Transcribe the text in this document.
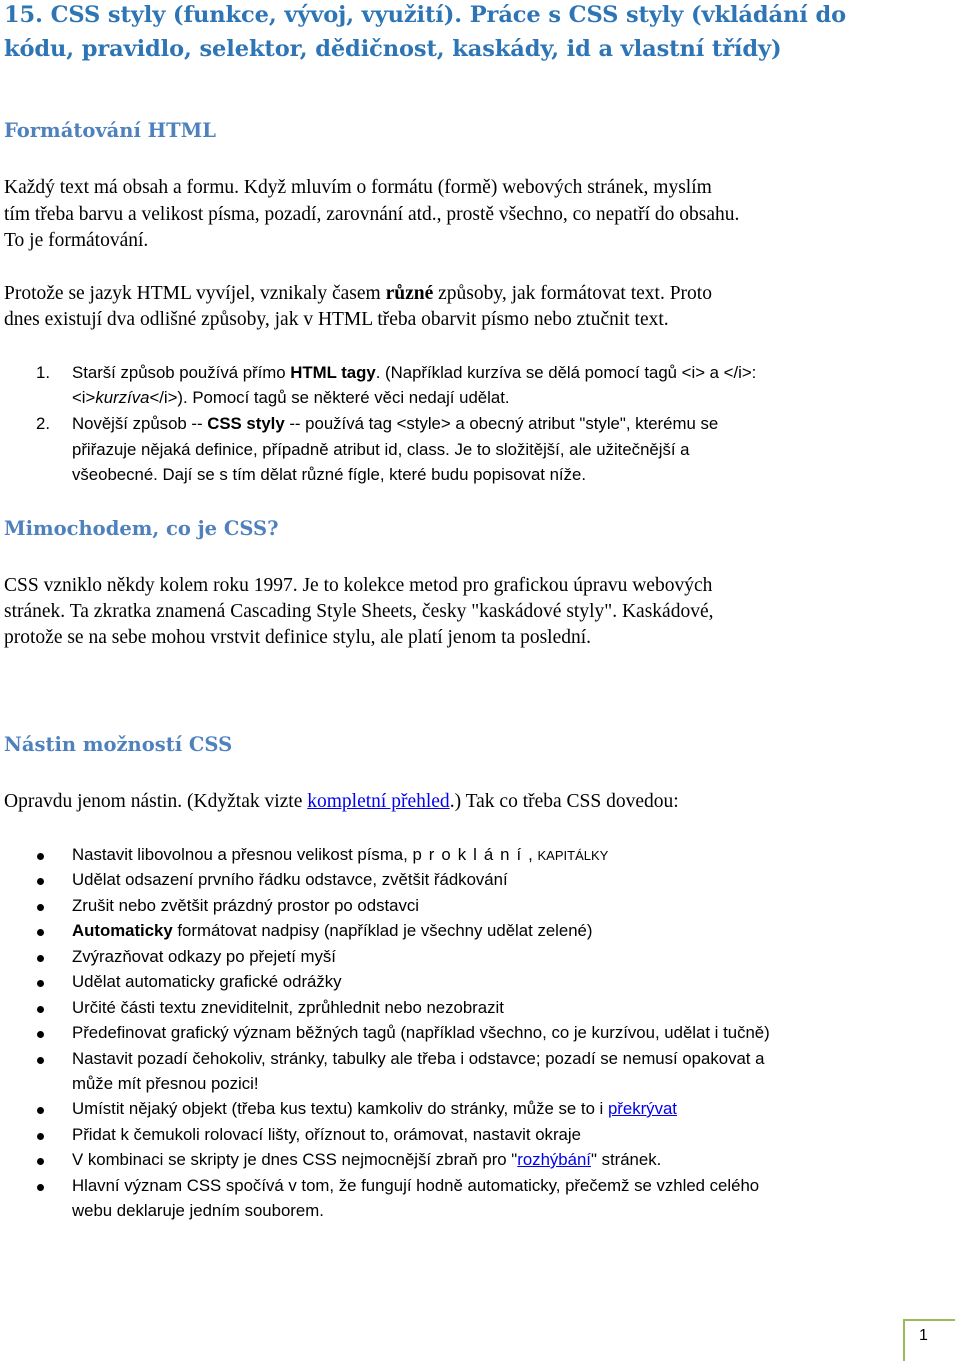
15. CSS styly (funkce, vývoj, využití). Práce s CSS styly (vkládání do
kódu, pravidlo, selektor, dědičnost, kaskády, id a vlastní třídy)
Formátování HTML
Každý text má obsah a formu. Když mluvím o formátu (formě) webových stránek, myslím
tím třeba barvu a velikost písma, pozadí, zarovnání atd., prostě všechno, co nepatří do obsahu.
To je formátování.
Protože se jazyk HTML vyvíjel, vznikaly časem různé způsoby, jak formátovat text. Proto
dnes existují dva odlišné způsoby, jak v HTML třeba obarvit písmo nebo ztučnit text.
1. Starší způsob používá přímo HTML tagy. (Například kurzíva se dělá pomocí tagů <i> a </i>:
<i>kurzíva</i>). Pomocí tagů se některé věci nedají udělat.
2. Novější způsob -- CSS styly -- používá tag <style> a obecný atribut "style", kterému se
přiřazuje nějaká definice, případně atribut id, class. Je to složitější, ale užitečnější a
všeobecné. Dají se s tím dělat různé fígle, které budu popisovat níže.
Mimochodem, co je CSS?
CSS vzniklo někdy kolem roku 1997. Je to kolekce metod pro grafickou úpravu webových
stránek. Ta zkratka znamená Cascading Style Sheets, česky "kaskádové styly". Kaskádové,
protože se na sebe mohou vrstvit definice stylu, ale platí jenom ta poslední.
Nástin možností CSS
Opravdu jenom nástin. (Kdyžtak vizte kompletní přehled.) Tak co třeba CSS dovedou:
Nastavit libovolnou a přesnou velikost písma, proklání, KAPITÁLKY
Udělat odsazení prvního řádku odstavce, zvětšit řádkování
Zrušit nebo zvětšit prázdný prostor po odstavci
Automaticky formátovat nadpisy (například je všechny udělat zelené)
Zvýrazňovat odkazy po přejetí myší
Udělat automaticky grafické odrážky
Určité části textu zneviditelnit, zprůhlednit nebo nezobrazit
Předefinovat grafický význam běžných tagů (například všechno, co je kurzívou, udělat i tučně)
Nastavit pozadí čehokoliv, stránky, tabulky ale třeba i odstavce; pozadí se nemusí opakovat a
může mít přesnou pozici!
Umístit nějaký objekt (třeba kus textu) kamkoliv do stránky, může se to i překrývat
Přidat k čemukoli rolovací lišty, oříznout to, orámovat, nastavit okraje
V kombinaci se skripty je dnes CSS nejmocnější zbraň pro "rozhýbání" stránek.
Hlavní význam CSS spočívá v tom, že fungují hodně automaticky, přečemž se vzhled celého
webu deklaruje jedním souborem.
1
